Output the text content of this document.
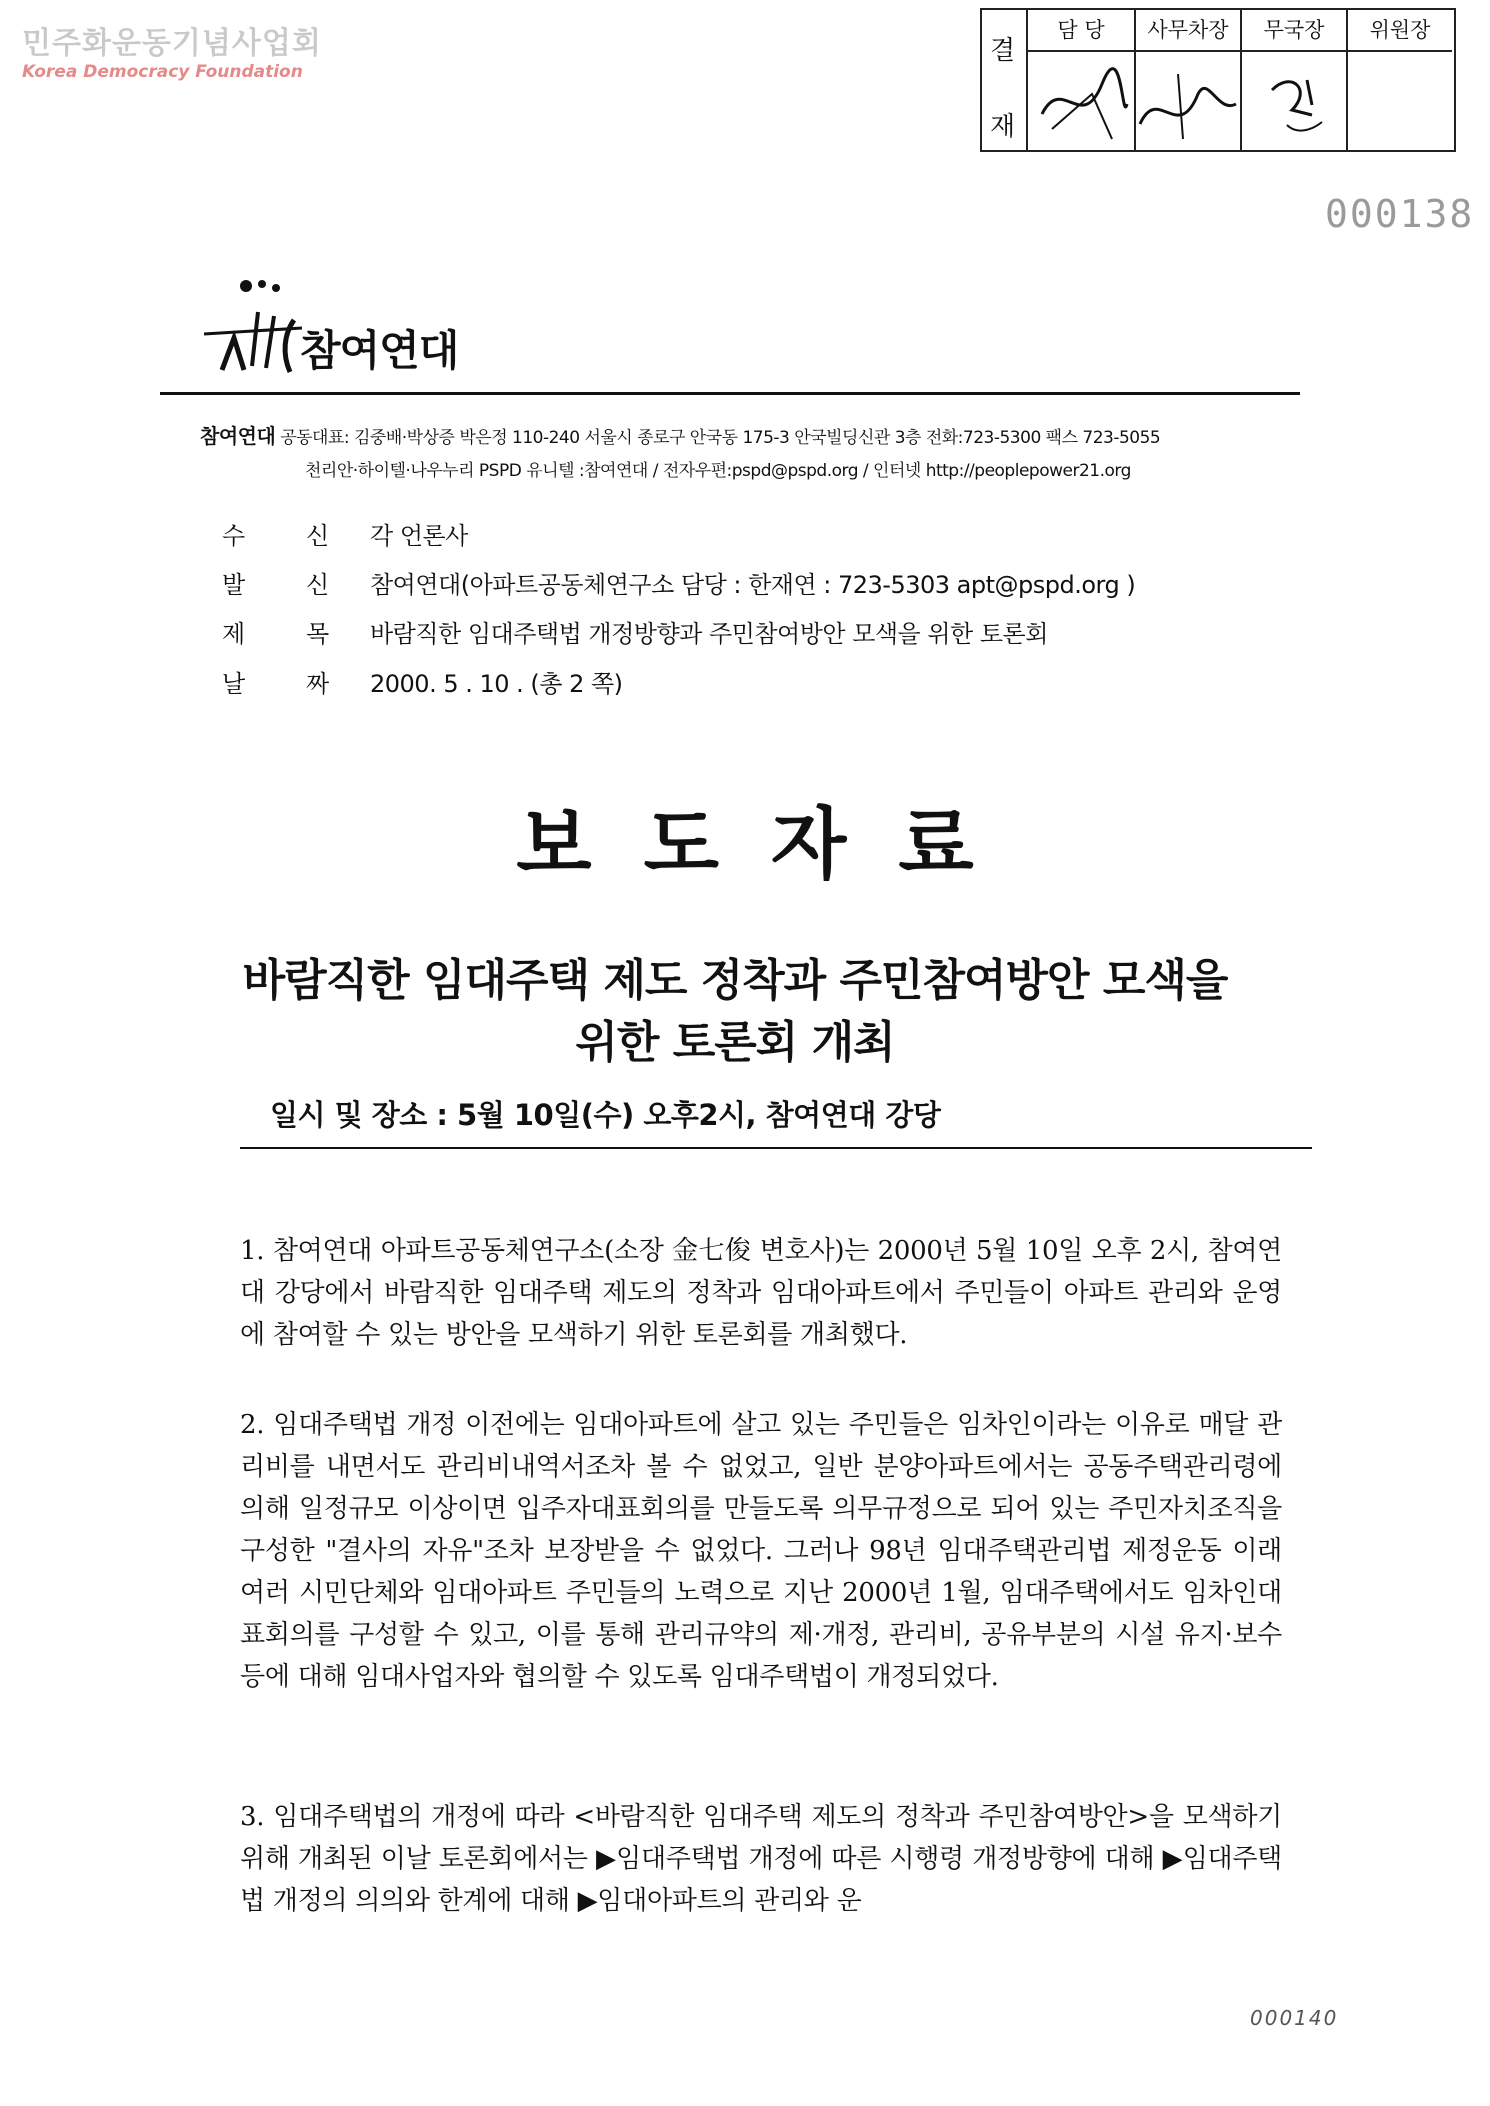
민주화운동기념사업회
Korea Democracy Foundation
결
재
담 당	사무차장	무국장	위원장
000138
참여연대
참여연대 공동대표: 김중배·박상증 박은정 110-240 서울시 종로구 안국동 175-3 안국빌딩신관 3층 전화:723-5300 팩스 723-5055
천리안·하이텔·나우누리 PSPD 유니텔 :참여연대 / 전자우편:pspd@pspd.org / 인터넷 http://peoplepower21.org
수	신 각 언론사
발	신 참여연대(아파트공동체연구소 담당 : 한재연 : 723-5303 apt@pspd.org )
제	목 바람직한 임대주택법 개정방향과 주민참여방안 모색을 위한 토론회
날	짜 2000. 5 . 10 . (총 2 쪽)
보도자료
바람직한 임대주택 제도 정착과 주민참여방안 모색을
위한 토론회 개최
일시 및 장소 : 5월 10일(수) 오후2시, 참여연대 강당
1. 참여연대 아파트공동체연구소(소장 金七俊 변호사)는 2000년 5월 10일 오후 2시, 참여연대 강당에서 바람직한 임대주택 제도의 정착과 임대아파트에서 주민들이 아파트 관리와 운영에 참여할 수 있는 방안을 모색하기 위한 토론회를 개최했다.
2. 임대주택법 개정 이전에는 임대아파트에 살고 있는 주민들은 임차인이라는 이유로 매달 관리비를 내면서도 관리비내역서조차 볼 수 없었고, 일반 분양아파트에서는 공동주택관리령에 의해 일정규모 이상이면 입주자대표회의를 만들도록 의무규정으로 되어 있는 주민자치조직을 구성한 "결사의 자유"조차 보장받을 수 없었다. 그러나 98년 임대주택관리법 제정운동 이래 여러 시민단체와 임대아파트 주민들의 노력으로 지난 2000년 1월, 임대주택에서도 임차인대표회의를 구성할 수 있고, 이를 통해 관리규약의 제·개정, 관리비, 공유부분의 시설 유지·보수 등에 대해 임대사업자와 협의할 수 있도록 임대주택법이 개정되었다.
3. 임대주택법의 개정에 따라 <바람직한 임대주택 제도의 정착과 주민참여방안>을 모색하기 위해 개최된 이날 토론회에서는 ▶임대주택법 개정에 따른 시행령 개정방향에 대해 ▶임대주택법 개정의 의의와 한계에 대해 ▶임대아파트의 관리와 운
000140
